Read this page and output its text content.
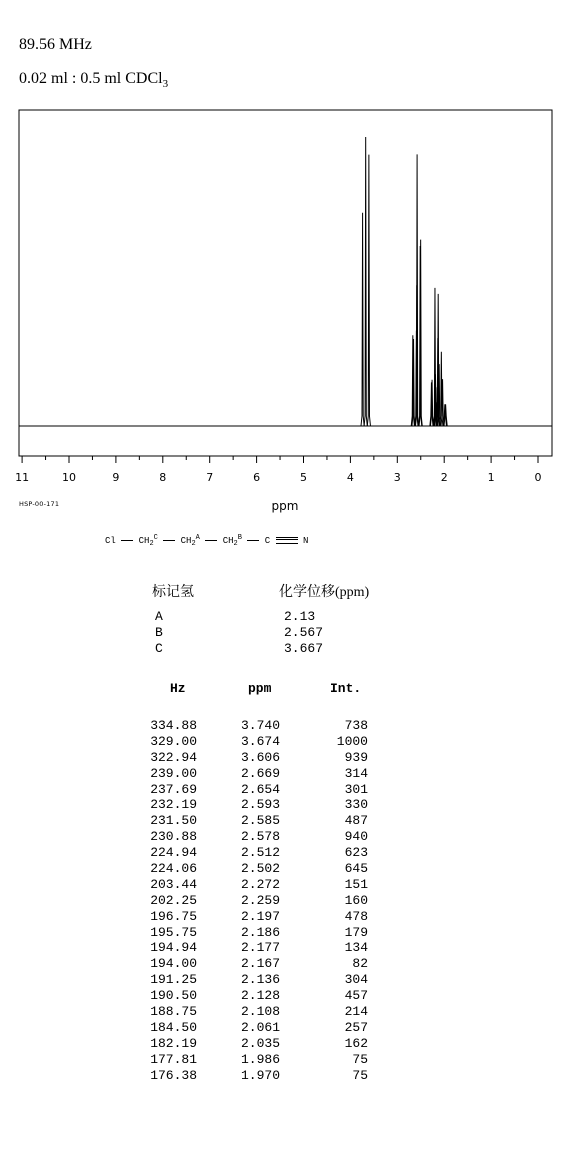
89.56 MHz
0.02 ml : 0.5 ml CDCl$_3$
11	10	9	8	7	6	5	4	3	2	1	0
ppm
HSP-00-171
Cl	$CH_2^C$	$CH_2^A$	$CH_2^B$	C	N
标记氢	化学位移(ppm)
A	2.13
B	2.567
C	3.667
Hz	ppm	Int.
334.88	3.740	738
329.00	3.674	1000
322.94	3.606	939
239.00	2.669	314
237.69	2.654	301
232.19	2.593	330
231.50	2.585	487
230.88	2.578	940
224.94	2.512	623
224.06	2.502	645
203.44	2.272	151
202.25	2.259	160
196.75	2.197	478
195.75	2.186	179
194.94	2.177	134
194.00	2.167	82
191.25	2.136	304
190.50	2.128	457
188.75	2.108	214
184.50	2.061	257
182.19	2.035	162
177.81	1.986	75
176.38	1.970	75
